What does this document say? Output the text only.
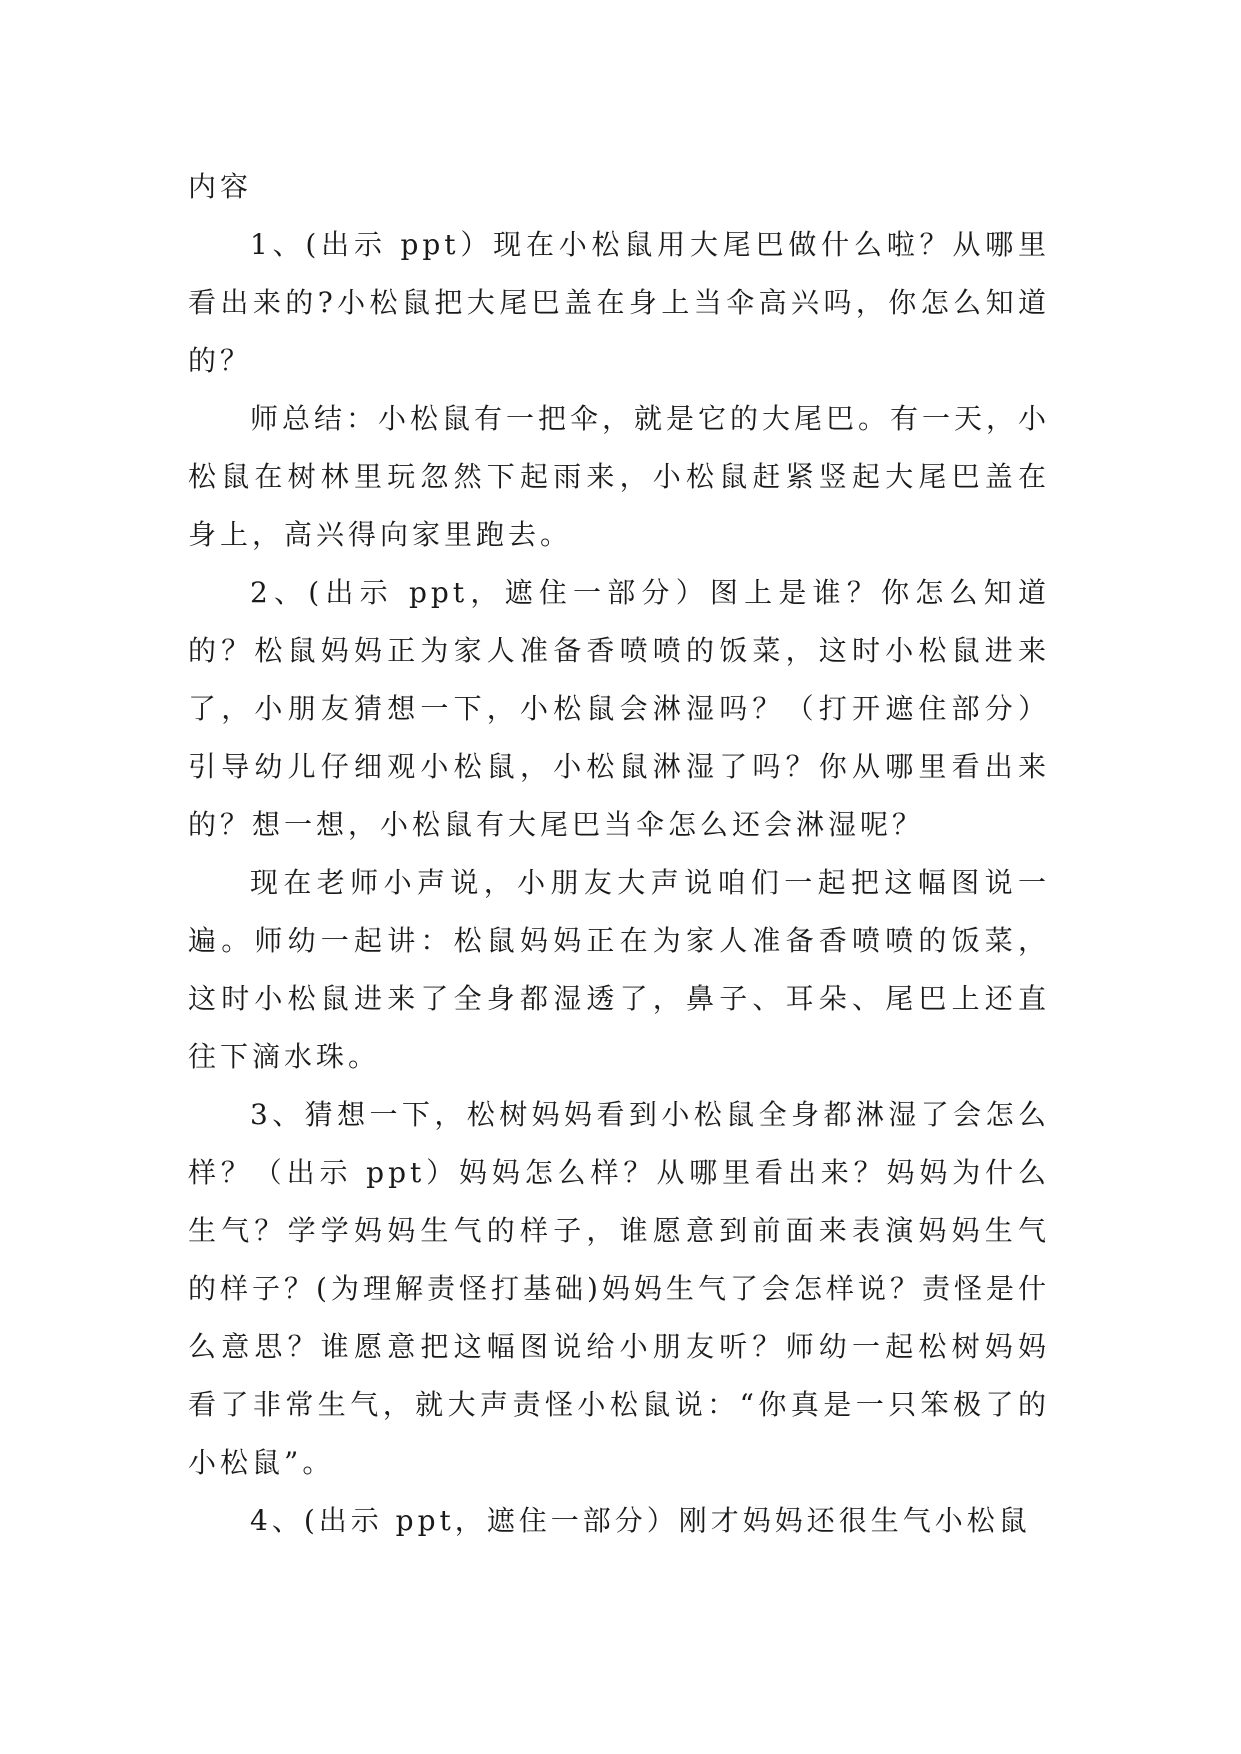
内容

1、(出示 ppt）现在小松鼠用大尾巴做什么啦？从哪里看出来的?小松鼠把大尾巴盖在身上当伞高兴吗，你怎么知道的？

师总结：小松鼠有一把伞，就是它的大尾巴。有一天，小松鼠在树林里玩忽然下起雨来，小松鼠赶紧竖起大尾巴盖在身上，高兴得向家里跑去。

2、(出示 ppt，遮住一部分）图上是谁？你怎么知道的？松鼠妈妈正为家人准备香喷喷的饭菜，这时小松鼠进来了，小朋友猜想一下，小松鼠会淋湿吗？（打开遮住部分）引导幼儿仔细观小松鼠，小松鼠淋湿了吗？你从哪里看出来的？想一想，小松鼠有大尾巴当伞怎么还会淋湿呢？

现在老师小声说，小朋友大声说咱们一起把这幅图说一遍。师幼一起讲：松鼠妈妈正在为家人准备香喷喷的饭菜，这时小松鼠进来了全身都湿透了，鼻子、耳朵、尾巴上还直往下滴水珠。

3、猜想一下，松树妈妈看到小松鼠全身都淋湿了会怎么样？（出示 ppt）妈妈怎么样？从哪里看出来？妈妈为什么生气？学学妈妈生气的样子，谁愿意到前面来表演妈妈生气的样子？(为理解责怪打基础)妈妈生气了会怎样说？责怪是什么意思？谁愿意把这幅图说给小朋友听？师幼一起松树妈妈看了非常生气，就大声责怪小松鼠说：“你真是一只笨极了的小松鼠”。

4、(出示 ppt，遮住一部分）刚才妈妈还很生气小松鼠
